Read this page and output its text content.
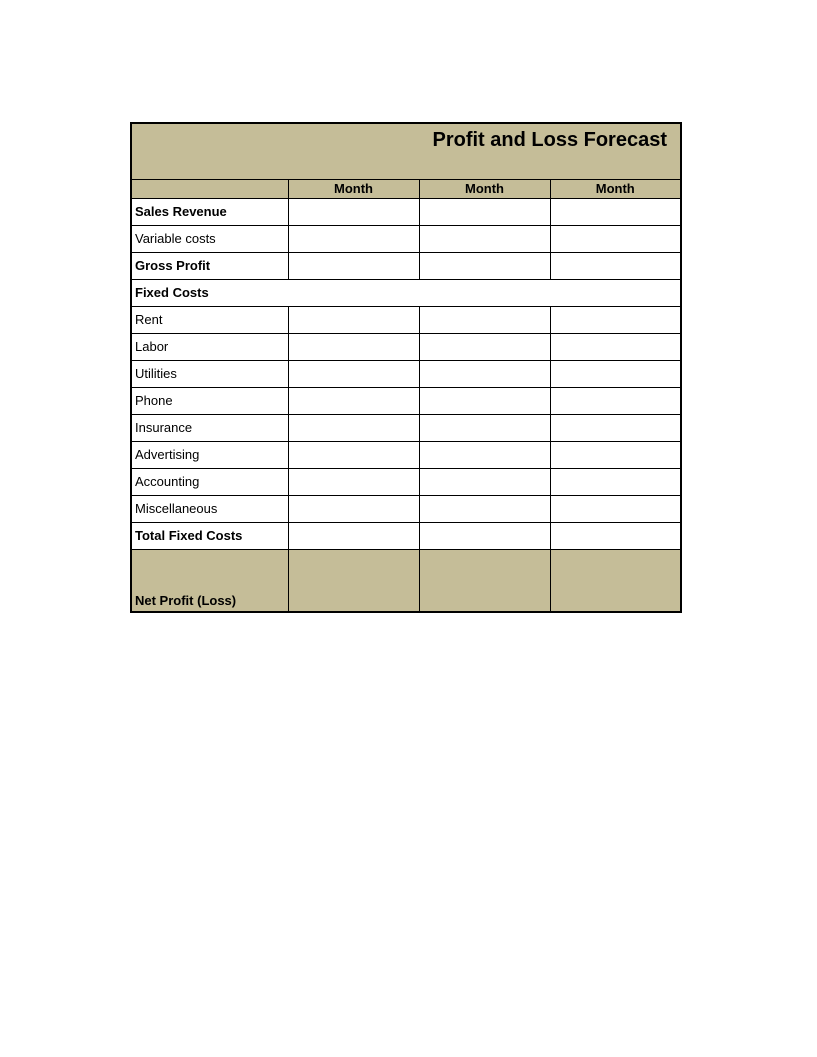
Profit and Loss Forecast			
	Month	Month	Month
Sales Revenue			
Variable costs			
Gross Profit			
Fixed Costs			
Rent			
Labor			
Utilities			
Phone			
Insurance			
Advertising			
Accounting			
Miscellaneous			
Total Fixed Costs			
Net Profit (Loss)			
